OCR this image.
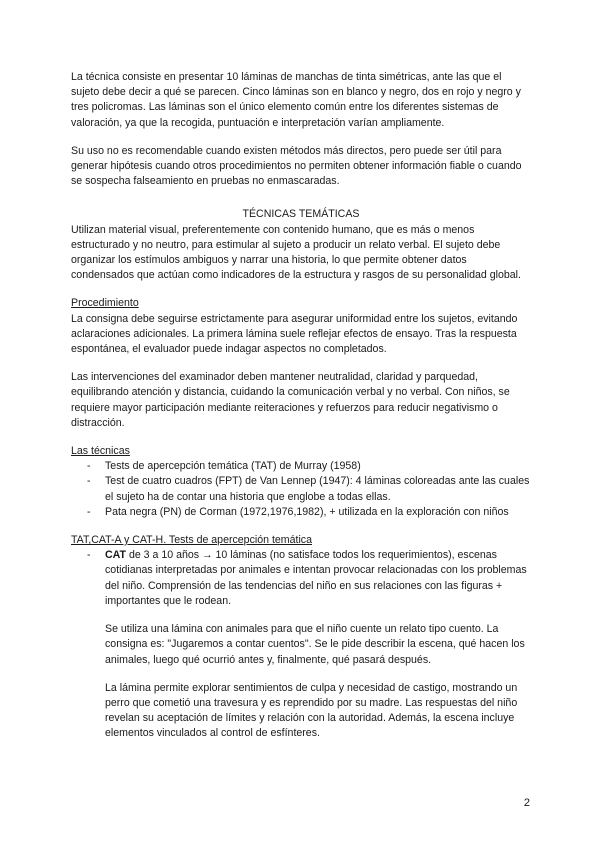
La técnica consiste en presentar 10 láminas de manchas de tinta simétricas, ante las que el sujeto debe decir a qué se parecen. Cinco láminas son en blanco y negro, dos en rojo y negro y tres policromas. Las láminas son el único elemento común entre los diferentes sistemas de valoración, ya que la recogida, puntuación e interpretación varían ampliamente.

Su uso no es recomendable cuando existen métodos más directos, pero puede ser útil para generar hipótesis cuando otros procedimientos no permiten obtener información fiable o cuando se sospecha falseamiento en pruebas no enmascaradas.

TÉCNICAS TEMÁTICAS

Utilizan material visual, preferentemente con contenido humano, que es más o menos estructurado y no neutro, para estimular al sujeto a producir un relato verbal. El sujeto debe organizar los estímulos ambiguos y narrar una historia, lo que permite obtener datos condensados que actúan como indicadores de la estructura y rasgos de su personalidad global.

Procedimiento

La consigna debe seguirse estrictamente para asegurar uniformidad entre los sujetos, evitando aclaraciones adicionales. La primera lámina suele reflejar efectos de ensayo. Tras la respuesta espontánea, el evaluador puede indagar aspectos no completados.

Las intervenciones del examinador deben mantener neutralidad, claridad y parquedad, equilibrando atención y distancia, cuidando la comunicación verbal y no verbal. Con niños, se requiere mayor participación mediante reiteraciones y refuerzos para reducir negativismo o distracción.

Las técnicas

- Tests de apercepción temática (TAT) de Murray (1958)
- Test de cuatro cuadros (FPT) de Van Lennep (1947): 4 láminas coloreadas ante las cuales el sujeto ha de contar una historia que englobe a todas ellas.
- Pata negra (PN) de Corman (1972,1976,1982), + utilizada en la exploración con niños

TAT,CAT-A y CAT-H. Tests de apercepción temática

- CAT de 3 a 10 años → 10 láminas (no satisface todos los requerimientos), escenas cotidianas interpretadas por animales e intentan provocar relacionadas con los problemas del niño. Comprensión de las tendencias del niño en sus relaciones con las figuras + importantes que le rodean.

Se utiliza una lámina con animales para que el niño cuente un relato tipo cuento. La consigna es: "Jugaremos a contar cuentos". Se le pide describir la escena, qué hacen los animales, luego qué ocurrió antes y, finalmente, qué pasará después.

La lámina permite explorar sentimientos de culpa y necesidad de castigo, mostrando un perro que cometió una travesura y es reprendido por su madre. Las respuestas del niño revelan su aceptación de límites y relación con la autoridad. Además, la escena incluye elementos vinculados al control de esfínteres.

2
